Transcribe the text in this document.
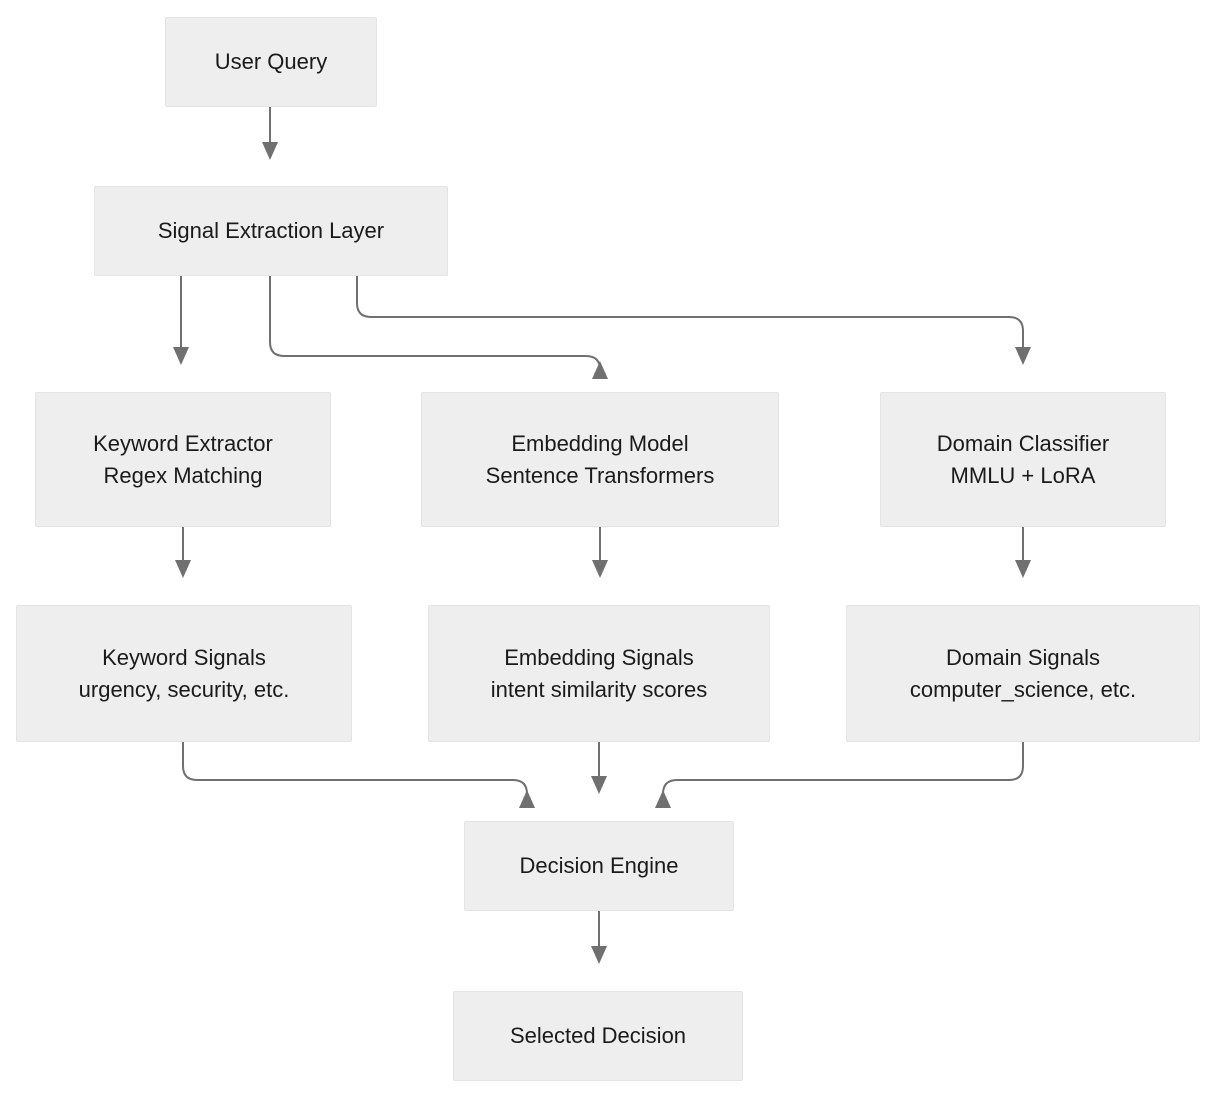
User Query
Signal Extraction Layer
Keyword Extractor
Regex Matching
Embedding Model
Sentence Transformers
Domain Classifier
MMLU + LoRA
Keyword Signals
urgency, security, etc.
Embedding Signals
intent similarity scores
Domain Signals
computer_science, etc.
Decision Engine
Selected Decision
